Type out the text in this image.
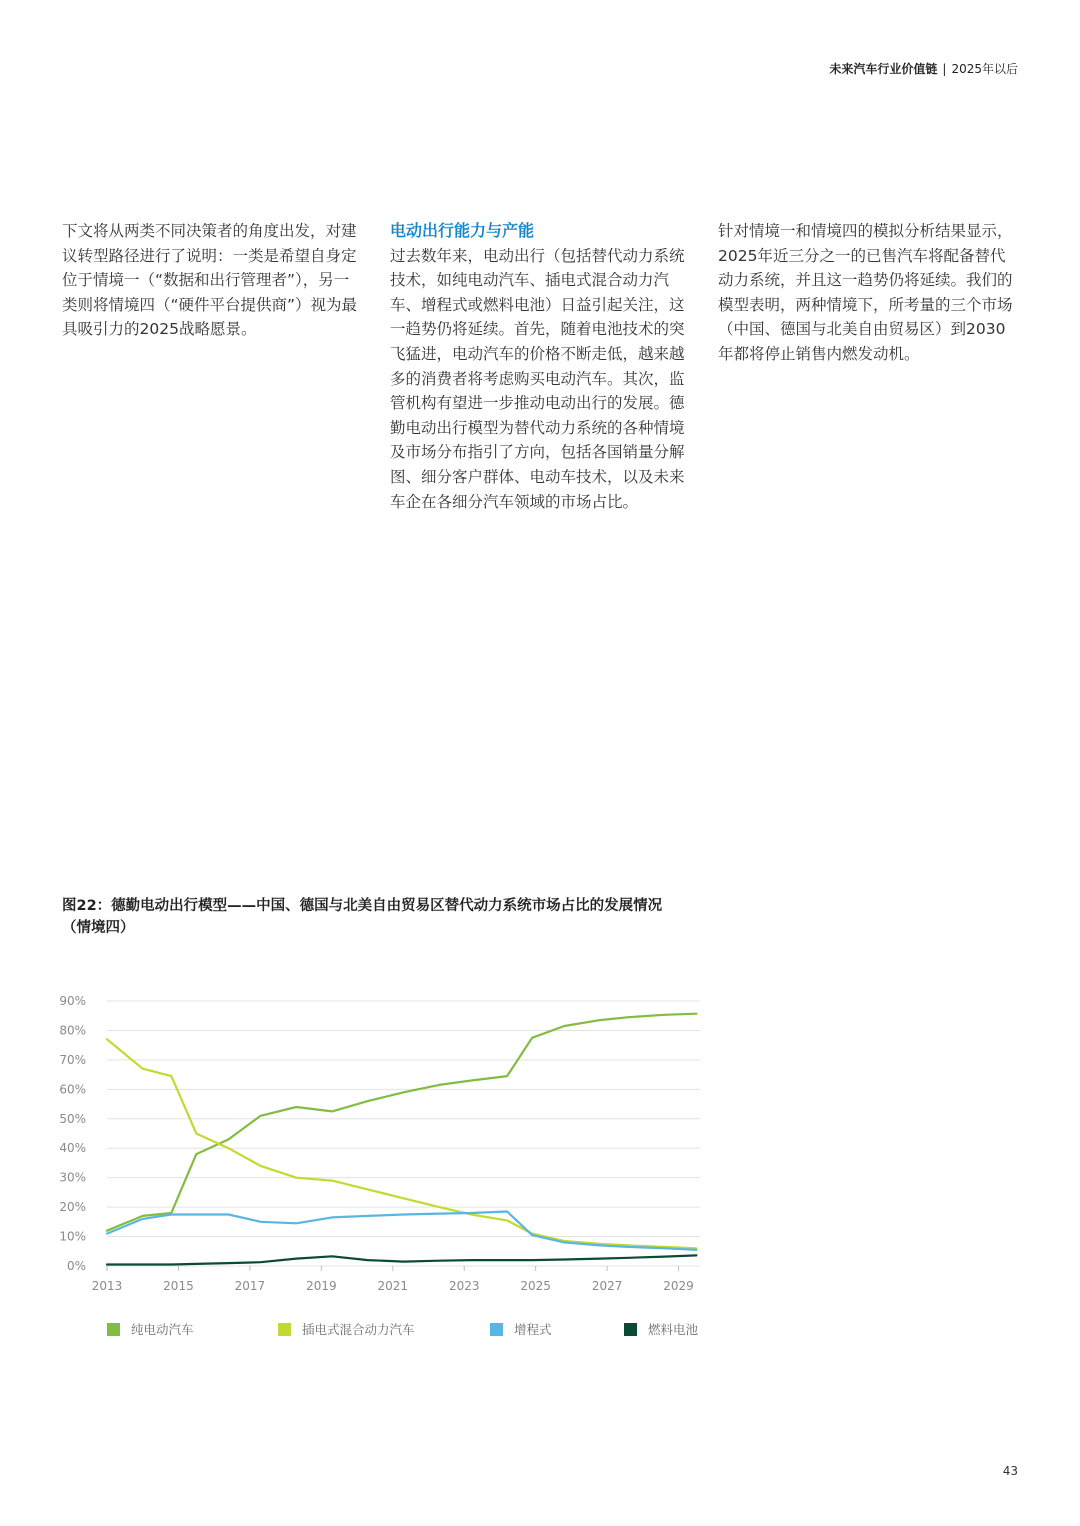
未来汽车行业价值链 | 2025年以后
下文将从两类不同决策者的角度出发，对建议转型路径进行了说明：一类是希望自身定位于情境一（“数据和出行管理者”），另一类则将情境四（“硬件平台提供商”）视为最具吸引力的2025战略愿景。
电动出行能力与产能
过去数年来，电动出行（包括替代动力系统技术，如纯电动汽车、插电式混合动力汽车、增程式或燃料电池）日益引起关注，这一趋势仍将延续。首先，随着电池技术的突飞猛进，电动汽车的价格不断走低，越来越多的消费者将考虑购买电动汽车。其次，监管机构有望进一步推动电动出行的发展。德勤电动出行模型为替代动力系统的各种情境及市场分布指引了方向，包括各国销量分解图、细分客户群体、电动车技术，以及未来车企在各细分汽车领域的市场占比。
针对情境一和情境四的模拟分析结果显示，2025年近三分之一的已售汽车将配备替代动力系统，并且这一趋势仍将延续。我们的模型表明，两种情境下，所考量的三个市场（中国、德国与北美自由贸易区）到2030年都将停止销售内燃发动机。
图22：德勤电动出行模型——中国、德国与北美自由贸易区替代动力系统市场占比的发展情况（情境四）
0%
10%
20%
30%
40%
50%
60%
70%
80%
90%
2013	2015	2017	2019	2021	2023	2025	2027	2029
纯电动汽车	插电式混合动力汽车	增程式	燃料电池
43
